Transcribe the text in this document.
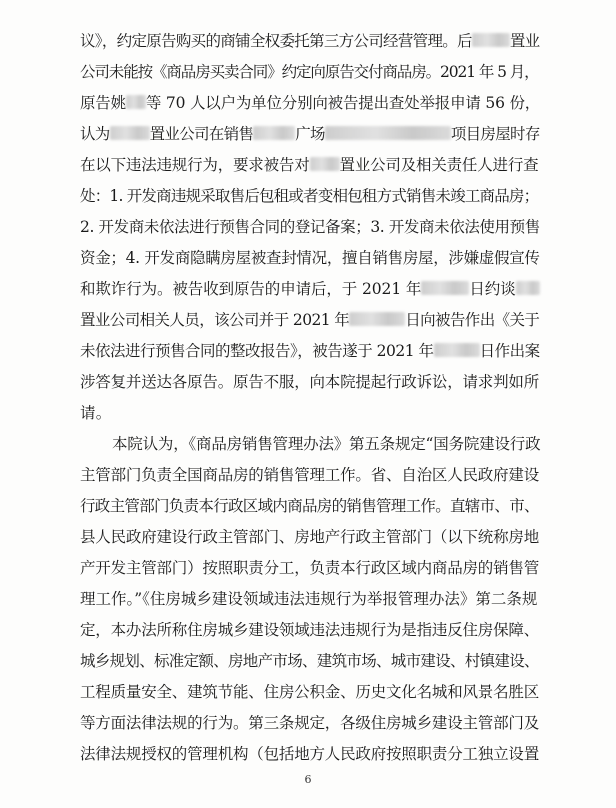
议》，约定原告购买的商铺全权委托第三方公司经营管理。后 置业
公司未能按《商品房买卖合同》约定向原告交付商品房。2021 年 5 月，
原告姚 等 70 人以户为单位分别向被告提出查处举报申请 56 份，
认为	置业公司在销售	广场	项目房屋时存
在以下违法违规行为，要求被告对 置业公司及相关责任人进行查
处：1. 开发商违规采取售后包租或者变相包租方式销售未竣工商品房；
2. 开发商未依法进行预售合同的登记备案；3. 开发商未依法使用预售
资金；4. 开发商隐瞒房屋被查封情况，擅自销售房屋，涉嫌虚假宣传
和欺诈行为。被告收到原告的申请后，于 2021 年	日约谈
置业公司相关人员，该公司并于 2021 年	日向被告作出《关于
未依法进行预售合同的整改报告》，被告遂于 2021 年	日作出案
涉答复并送达各原告。原告不服，向本院提起行政诉讼，请求判如所
请。
本院认为，《商品房销售管理办法》第五条规定“国务院建设行政
主管部门负责全国商品房的销售管理工作。省、自治区人民政府建设
行政主管部门负责本行政区域内商品房的销售管理工作。直辖市、市、
县人民政府建设行政主管部门、房地产行政主管部门（以下统称房地
产开发主管部门）按照职责分工，负责本行政区域内商品房的销售管
理工作。”《住房城乡建设领域违法违规行为举报管理办法》第二条规
定，本办法所称住房城乡建设领域违法违规行为是指违反住房保障、
城乡规划、标准定额、房地产市场、建筑市场、城市建设、村镇建设、
工程质量安全、建筑节能、住房公积金、历史文化名城和风景名胜区
等方面法律法规的行为。第三条规定，各级住房城乡建设主管部门及
法律法规授权的管理机构（包括地方人民政府按照职责分工独立设置
6
